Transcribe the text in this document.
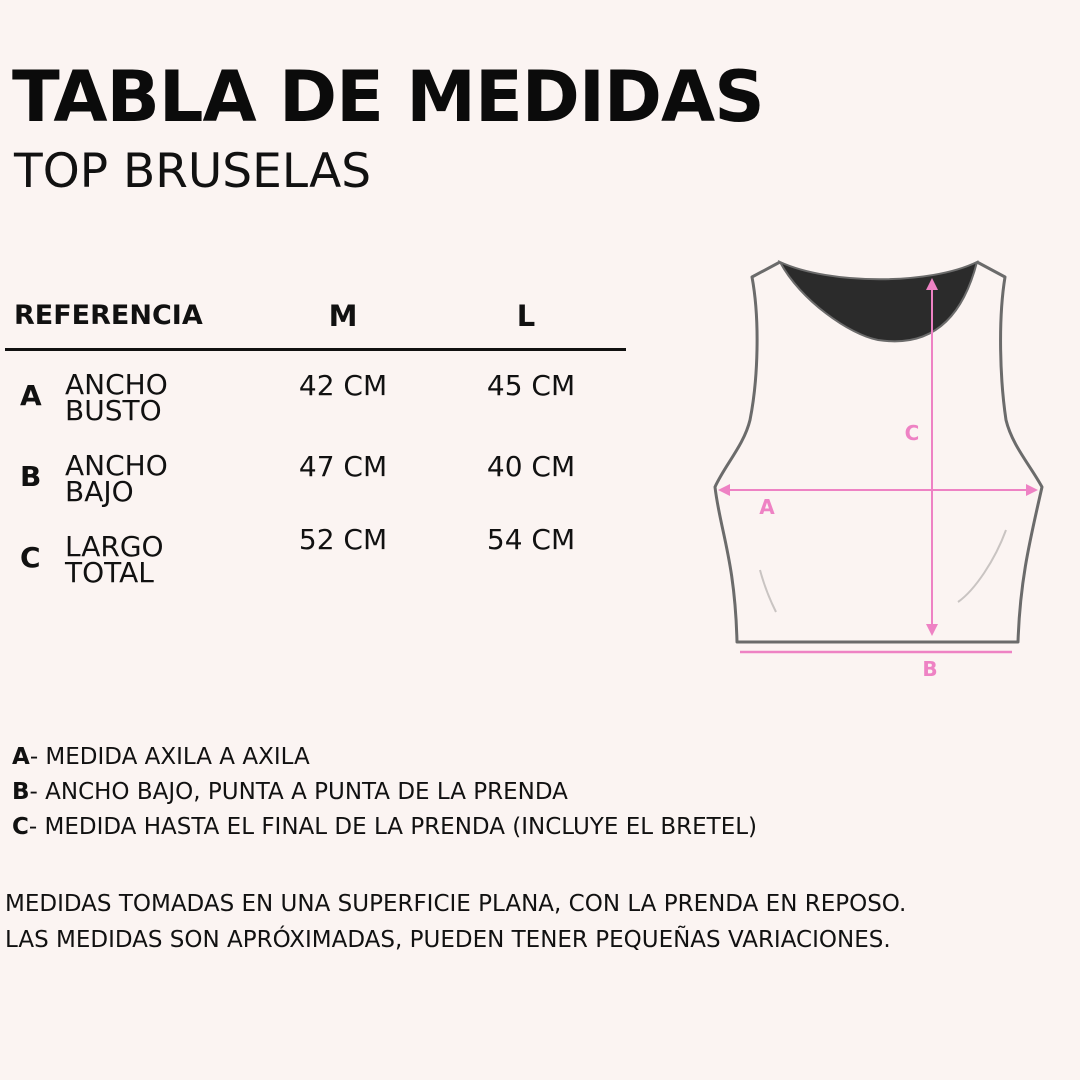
TABLA DE MEDIDAS
TOP BRUSELAS
REFERENCIA	M	L
A ANCHO
BUSTO
42 CM	45 CM
B ANCHO
BAJO
47 CM	40 CM
C LARGO
TOTAL
52 CM	54 CM
C
A
B
A- MEDIDA AXILA A AXILA
B- ANCHO BAJO, PUNTA A PUNTA DE LA PRENDA
C- MEDIDA HASTA EL FINAL DE LA PRENDA (INCLUYE EL BRETEL)
MEDIDAS TOMADAS EN UNA SUPERFICIE PLANA, CON LA PRENDA EN REPOSO.
LAS MEDIDAS SON APRÓXIMADAS, PUEDEN TENER PEQUEÑAS VARIACIONES.
